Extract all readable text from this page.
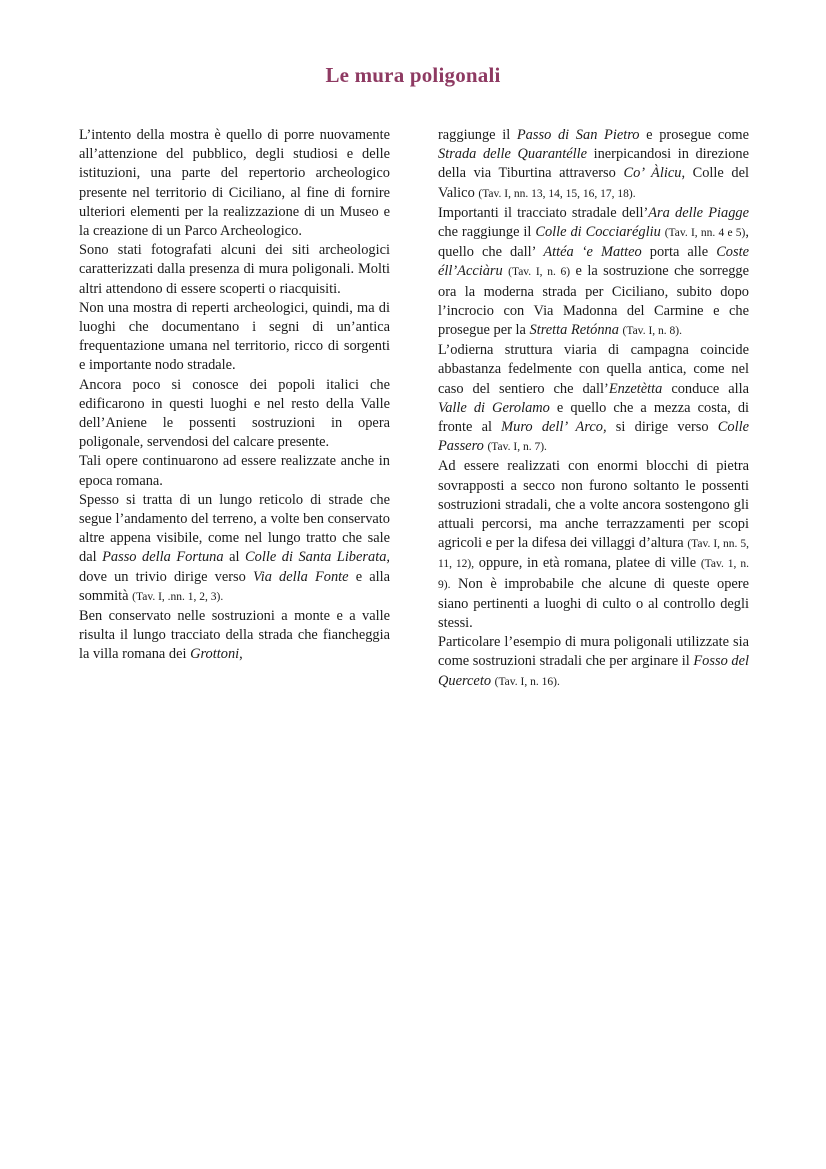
Le mura poligonali

L’intento della mostra è quello di porre nuovamente all’attenzione del pubblico, degli studiosi e delle istituzioni, una parte del repertorio archeologico presente nel territorio di Ciciliano, al fine di fornire ulteriori elementi per la realizzazione di un Museo e la creazione di un Parco Archeologico.

Sono stati fotografati alcuni dei siti archeologici caratterizzati dalla presenza di mura poligonali. Molti altri attendono di essere scoperti o riacquisiti.

Non una mostra di reperti archeologici, quindi, ma di luoghi che documentano i segni di un’antica frequentazione umana nel territorio, ricco di sorgenti e importante nodo stradale.

Ancora poco si conosce dei popoli italici che edificarono in questi luoghi e nel resto della Valle dell’Aniene le possenti sostruzioni in opera poligonale, servendosi del calcare presente.

Tali opere continuarono ad essere realizzate anche in epoca romana.

Spesso si tratta di un lungo reticolo di strade che segue l’andamento del terreno, a volte ben conservato altre appena visibile, come nel lungo tratto che sale dal Passo della Fortuna al Colle di Santa Liberata, dove un trivio dirige verso Via della Fonte e alla sommità (Tav. I, .nn. 1, 2, 3).

Ben conservato nelle sostruzioni a monte e a valle risulta il lungo tracciato della strada che fiancheggia la villa romana dei Grottoni,

raggiunge il Passo di San Pietro e prosegue come Strada delle Quarantélle inerpicandosi in direzione della via Tiburtina attraverso Co’ Àlicu, Colle del Valico (Tav. I, nn. 13, 14, 15, 16, 17, 18).

Importanti il tracciato stradale dell’Ara delle Piagge che raggiunge il Colle di Cocciarégliu (Tav. I, nn. 4 e 5), quello che dall’ Attéa ‘e Matteo porta alle Coste éll’Acciàru (Tav. I, n. 6) e la sostruzione che sorregge ora la moderna strada per Ciciliano, subito dopo l’incrocio con Via Madonna del Carmine e che prosegue per la Stretta Retónna (Tav. I, n. 8).

L’odierna struttura viaria di campagna coincide abbastanza fedelmente con quella antica, come nel caso del sentiero che dall’Enzetètta conduce alla Valle di Gerolamo e quello che a mezza costa, di fronte al Muro dell’ Arco, si dirige verso Colle Passero (Tav. I, n. 7).

Ad essere realizzati con enormi blocchi di pietra sovrapposti a secco non furono soltanto le possenti sostruzioni stradali, che a volte ancora sostengono gli attuali percorsi, ma anche terrazzamenti per scopi agricoli e per la difesa dei villaggi d’altura (Tav. I, nn. 5, 11, 12), oppure, in età romana, platee di ville (Tav. 1, n. 9). Non è improbabile che alcune di queste opere siano pertinenti a luoghi di culto o al controllo degli stessi.

Particolare l’esempio di mura poligonali utilizzate sia come sostruzioni stradali che per arginare il Fosso del Querceto (Tav. I, n. 16).
